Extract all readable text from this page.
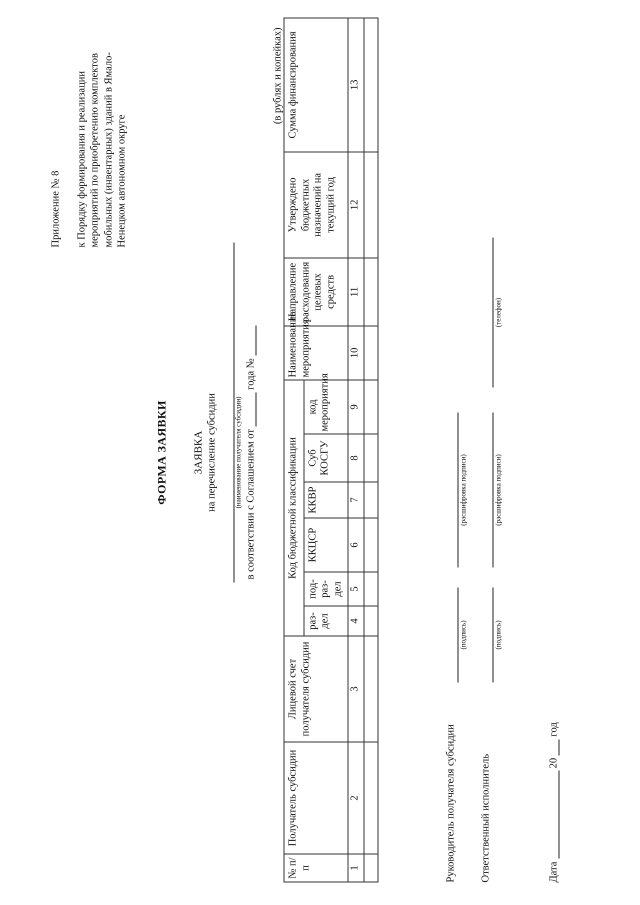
Приложение № 8 к Порядку формирования и реализации мероприятий по приобретению комплектов мобильных (инвентарных) зданий в Ямало-Ненецком автономном округе
ФОРМА ЗАЯВКИ ЗАЯВКА на перечисление субсидии (наименование получателя субсидии) в соответствии с Соглашением от   года №
(в рублях и копейках)
№ п/п	Получатель субсидии	Лицевой счет получателя субсидии	Код бюджетной классификации						Наименование мероприятия	Направление расходования целевых средств	Утверждено бюджетных назначений на текущий год	Сумма финансирования
			раз-дел	под-раз-дел	ККЦСР	ККВР	Суб КОСГУ	код мероприятия				
1	2	3	4	5	6	7	8	9	10	11	12	13

Руководитель получателя субсидии
(подпись)
(расшифровка подписи)
Ответственный исполнитель
(подпись)
(расшифровка подписи)
(телефон)
Дата   20   год
